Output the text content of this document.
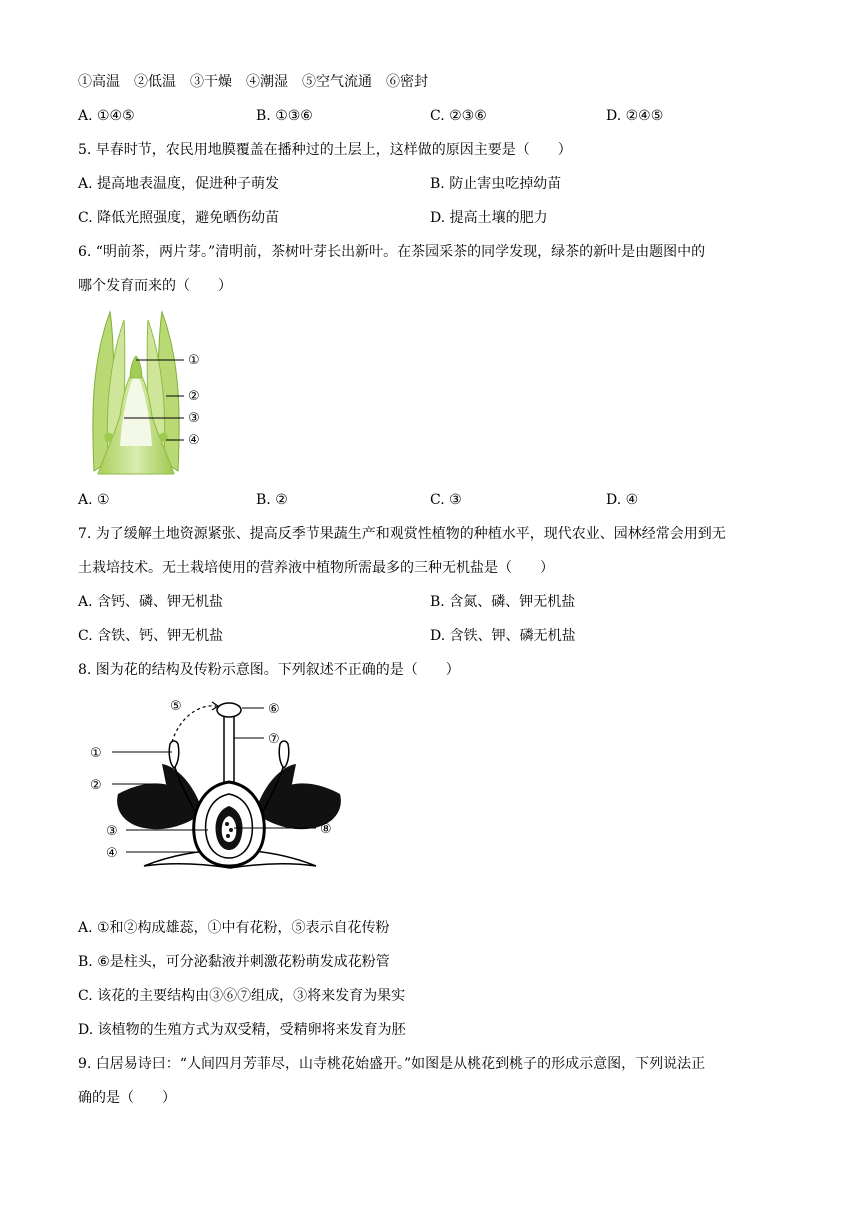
①高温　②低温　③干燥　④潮湿　⑤空气流通　⑥密封
A. ①④⑤	B. ①③⑥	C. ②③⑥	D. ②④⑤
5. 早春时节，农民用地膜覆盖在播种过的土层上，这样做的原因主要是（　　）
A. 提高地表温度，促进种子萌发	B. 防止害虫吃掉幼苗
C. 降低光照强度，避免晒伤幼苗	D. 提高土壤的肥力
6. “明前茶，两片芽。”清明前，茶树叶芽长出新叶。在茶园采茶的同学发现，绿茶的新叶是由题图中的
哪个发育而来的（　　）
①
②
③
④
A. ①	B. ②	C. ③	D. ④
7. 为了缓解土地资源紧张、提高反季节果蔬生产和观赏性植物的种植水平，现代农业、园林经常会用到无
土栽培技术。无土栽培使用的营养液中植物所需最多的三种无机盐是（　　）
A. 含钙、磷、钾无机盐	B. 含氮、磷、钾无机盐
C. 含铁、钙、钾无机盐	D. 含铁、钾、磷无机盐
8. 图为花的结构及传粉示意图。下列叙述不正确的是（　　）
⑤	⑥
⑦
①
②
③
④
⑧
A. ①和②构成雄蕊，①中有花粉，⑤表示自花传粉
B. ⑥是柱头，可分泌黏液并刺激花粉萌发成花粉管
C. 该花的主要结构由③⑥⑦组成，③将来发育为果实
D. 该植物的生殖方式为双受精，受精卵将来发育为胚
9. 白居易诗曰：“人间四月芳菲尽，山寺桃花始盛开。”如图是从桃花到桃子的形成示意图，下列说法正
确的是（　　）
